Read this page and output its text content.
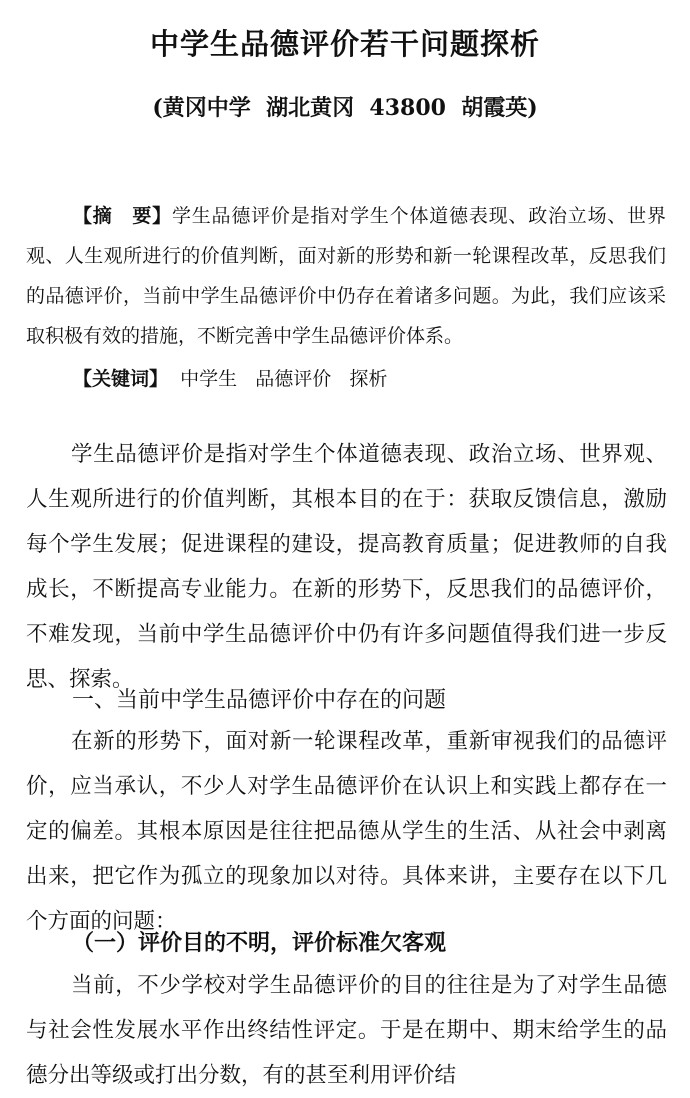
中学生品德评价若干问题探析
(黄冈中学  湖北黄冈  43800  胡霞英)
【摘　要】学生品德评价是指对学生个体道德表现、政治立场、世界观、人生观所进行的价值判断，面对新的形势和新一轮课程改革，反思我们的品德评价，当前中学生品德评价中仍存在着诸多问题。为此，我们应该采取积极有效的措施，不断完善中学生品德评价体系。
【关键词】  中学生   品德评价   探析
学生品德评价是指对学生个体道德表现、政治立场、世界观、人生观所进行的价值判断，其根本目的在于：获取反馈信息，激励每个学生发展；促进课程的建设，提高教育质量；促进教师的自我成长，不断提高专业能力。在新的形势下，反思我们的品德评价，不难发现，当前中学生品德评价中仍有许多问题值得我们进一步反思、探索。
一、当前中学生品德评价中存在的问题
在新的形势下，面对新一轮课程改革，重新审视我们的品德评价，应当承认，不少人对学生品德评价在认识上和实践上都存在一定的偏差。其根本原因是往往把品德从学生的生活、从社会中剥离出来，把它作为孤立的现象加以对待。具体来讲，主要存在以下几个方面的问题：
（一）评价目的不明，评价标准欠客观
当前，不少学校对学生品德评价的目的往往是为了对学生品德与社会性发展水平作出终结性评定。于是在期中、期末给学生的品德分出等级或打出分数，有的甚至利用评价结
